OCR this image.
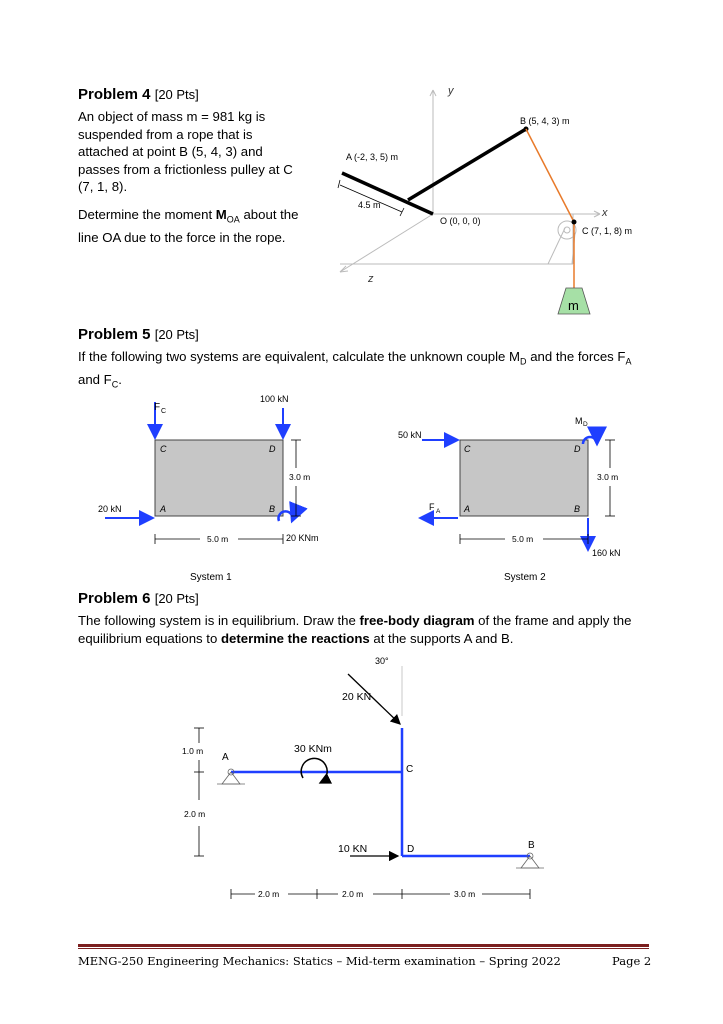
Problem 4 [20 Pts]
An object of mass m = 981 kg is
suspended from a rope that is
attached at point B (5, 4, 3) and
passes from a frictionless pulley at C
(7, 1, 8).
Determine the moment $M_{OA}$ about the
line OA due to the force in the rope.
y
x
z
4.5 m
A (-2, 3, 5) m
B (5, 4, 3) m
C (7, 1, 8) m
O (0, 0, 0)
m
Problem 5 [20 Pts]
If the following two systems are equivalent, calculate the unknown couple $M_D$ and the forces $F_A$
and $F_C$.
F C
100 kN
C	D
A	B
20 kN
20 KNm
3.0 m
5.0 m
System 1
50 kN
M D
C	D
A	B
F A
160 kN
3.0 m
5.0 m
System 2
Problem 6 [20 Pts]
The following system is in equilibrium. Draw the free-body diagram of the frame and apply the
equilibrium equations to determine the reactions at the supports A and B.
30°
20 KN
30 KNm
10 KN
A
C
D	B
1.0 m
2.0 m
2.0 m	2.0 m	3.0 m
MENG-250 Engineering Mechanics: Statics – Mid-term examination – Spring 2022	Page 2
